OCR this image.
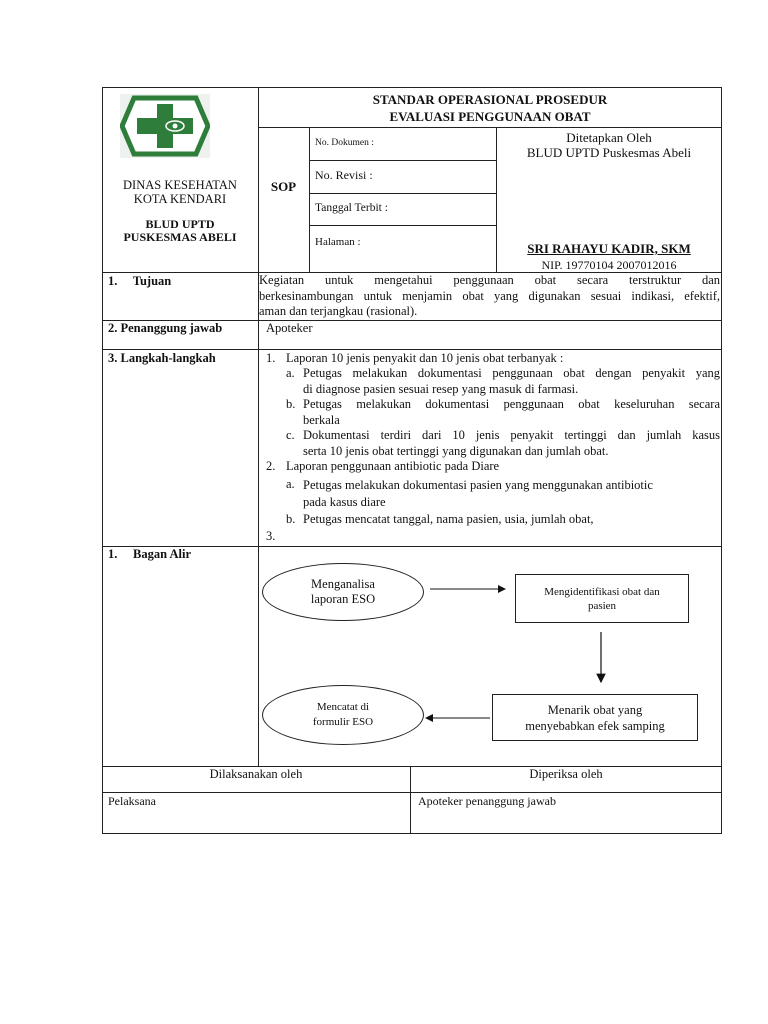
DINAS KESEHATAN
KOTA KENDARI
BLUD UPTD
PUSKESMAS ABELI
STANDAR OPERASIONAL PROSEDUR
EVALUASI PENGGUNAAN OBAT
SOP
No. Dokumen :
No. Revisi :
Tanggal Terbit :
Halaman :
Ditetapkan Oleh
BLUD UPTD Puskesmas Abeli
SRI RAHAYU KADIR, SKM
NIP. 19770104 2007012016
1.     Tujuan	Kegiatan untuk mengetahui penggunaan obat secara terstruktur dan
berkesinambungan untuk menjamin obat yang digunakan sesuai indikasi, efektif,
aman dan terjangkau (rasional).
2. Penanggung jawab	Apoteker
3. Langkah-langkah	1. Laporan 10 jenis penyakit dan 10 jenis obat terbanyak :
a. Petugas melakukan dokumentasi penggunaan obat dengan penyakit yang
di diagnose pasien sesuai resep yang masuk di farmasi.
b. Petugas melakukan dokumentasi penggunaan obat keseluruhan secara
berkala
c. Dokumentasi terdiri dari 10 jenis penyakit tertinggi dan jumlah kasus
serta 10 jenis obat tertinggi yang digunakan dan jumlah obat.
2. Laporan penggunaan antibiotic pada Diare
a. Petugas melakukan dokumentasi pasien yang menggunakan antibiotic
pada kasus diare
b. Petugas mencatat tanggal, nama pasien, usia, jumlah obat,
3.
1.     Bagan Alir
Menganalisa
laporan ESO
Mengidentifikasi obat dan
pasien
Menarik obat yang
menyebabkan efek samping
Mencatat di
formulir ESO
Dilaksanakan oleh	Diperiksa oleh
Pelaksana	Apoteker penanggung jawab
